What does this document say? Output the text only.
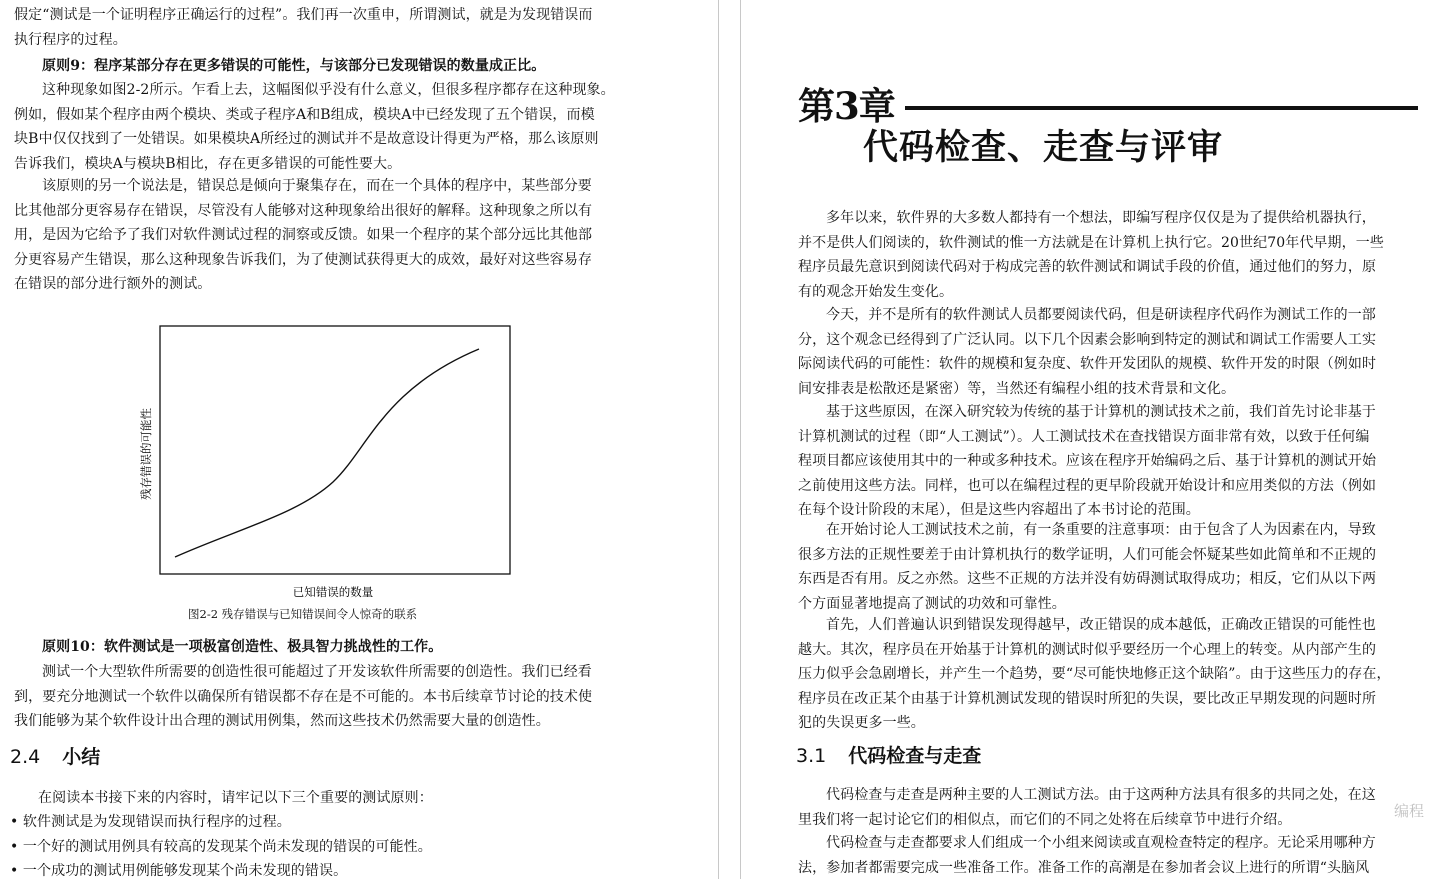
假定“测试是一个证明程序正确运行的过程”。我们再一次重申，所谓测试，就是为发现错误而
执行程序的过程。
原则9：程序某部分存在更多错误的可能性，与该部分已发现错误的数量成正比。
这种现象如图2-2所示。乍看上去，这幅图似乎没有什么意义，但很多程序都存在这种现象。
例如，假如某个程序由两个模块、类或子程序A和B组成，模块A中已经发现了五个错误，而模
块B中仅仅找到了一处错误。如果模块A所经过的测试并不是故意设计得更为严格，那么该原则
告诉我们，模块A与模块B相比，存在更多错误的可能性要大。
该原则的另一个说法是，错误总是倾向于聚集存在，而在一个具体的程序中，某些部分要
比其他部分更容易存在错误，尽管没有人能够对这种现象给出很好的解释。这种现象之所以有
用，是因为它给予了我们对软件测试过程的洞察或反馈。如果一个程序的某个部分远比其他部
分更容易产生错误，那么这种现象告诉我们，为了使测试获得更大的成效，最好对这些容易存
在错误的部分进行额外的测试。
残存错误的可能性
已知错误的数量
图2-2 残存错误与已知错误间令人惊奇的联系
原则10：软件测试是一项极富创造性、极具智力挑战性的工作。
测试一个大型软件所需要的创造性很可能超过了开发该软件所需要的创造性。我们已经看
到，要充分地测试一个软件以确保所有错误都不存在是不可能的。本书后续章节讨论的技术使
我们能够为某个软件设计出合理的测试用例集，然而这些技术仍然需要大量的创造性。
2.4 小结
在阅读本书接下来的内容时，请牢记以下三个重要的测试原则：
• 软件测试是为发现错误而执行程序的过程。
• 一个好的测试用例具有较高的发现某个尚未发现的错误的可能性。
• 一个成功的测试用例能够发现某个尚未发现的错误。
第3章
代码检查、走查与评审
多年以来，软件界的大多数人都持有一个想法，即编写程序仅仅是为了提供给机器执行，
并不是供人们阅读的，软件测试的惟一方法就是在计算机上执行它。20世纪70年代早期，一些
程序员最先意识到阅读代码对于构成完善的软件测试和调试手段的价值，通过他们的努力，原
有的观念开始发生变化。
今天，并不是所有的软件测试人员都要阅读代码，但是研读程序代码作为测试工作的一部
分，这个观念已经得到了广泛认同。以下几个因素会影响到特定的测试和调试工作需要人工实
际阅读代码的可能性：软件的规模和复杂度、软件开发团队的规模、软件开发的时限（例如时
间安排表是松散还是紧密）等，当然还有编程小组的技术背景和文化。
基于这些原因，在深入研究较为传统的基于计算机的测试技术之前，我们首先讨论非基于
计算机测试的过程（即“人工测试”）。人工测试技术在查找错误方面非常有效，以致于任何编
程项目都应该使用其中的一种或多种技术。应该在程序开始编码之后、基于计算机的测试开始
之前使用这些方法。同样，也可以在编程过程的更早阶段就开始设计和应用类似的方法（例如
在每个设计阶段的末尾），但是这些内容超出了本书讨论的范围。
在开始讨论人工测试技术之前，有一条重要的注意事项：由于包含了人为因素在内，导致
很多方法的正规性要差于由计算机执行的数学证明，人们可能会怀疑某些如此简单和不正规的
东西是否有用。反之亦然。这些不正规的方法并没有妨碍测试取得成功；相反，它们从以下两
个方面显著地提高了测试的功效和可靠性。
首先，人们普遍认识到错误发现得越早，改正错误的成本越低，正确改正错误的可能性也
越大。其次，程序员在开始基于计算机的测试时似乎要经历一个心理上的转变。从内部产生的
压力似乎会急剧增长，并产生一个趋势，要“尽可能快地修正这个缺陷”。由于这些压力的存在，
程序员在改正某个由基于计算机测试发现的错误时所犯的失误，要比改正早期发现的问题时所
犯的失误更多一些。
3.1 代码检查与走查
代码检查与走查是两种主要的人工测试方法。由于这两种方法具有很多的共同之处，在这
里我们将一起讨论它们的相似点，而它们的不同之处将在后续章节中进行介绍。
代码检查与走查都要求人们组成一个小组来阅读或直观检查特定的程序。无论采用哪种方
法，参加者都需要完成一些准备工作。准备工作的高潮是在参加者会议上进行的所谓“头脑风
编程
